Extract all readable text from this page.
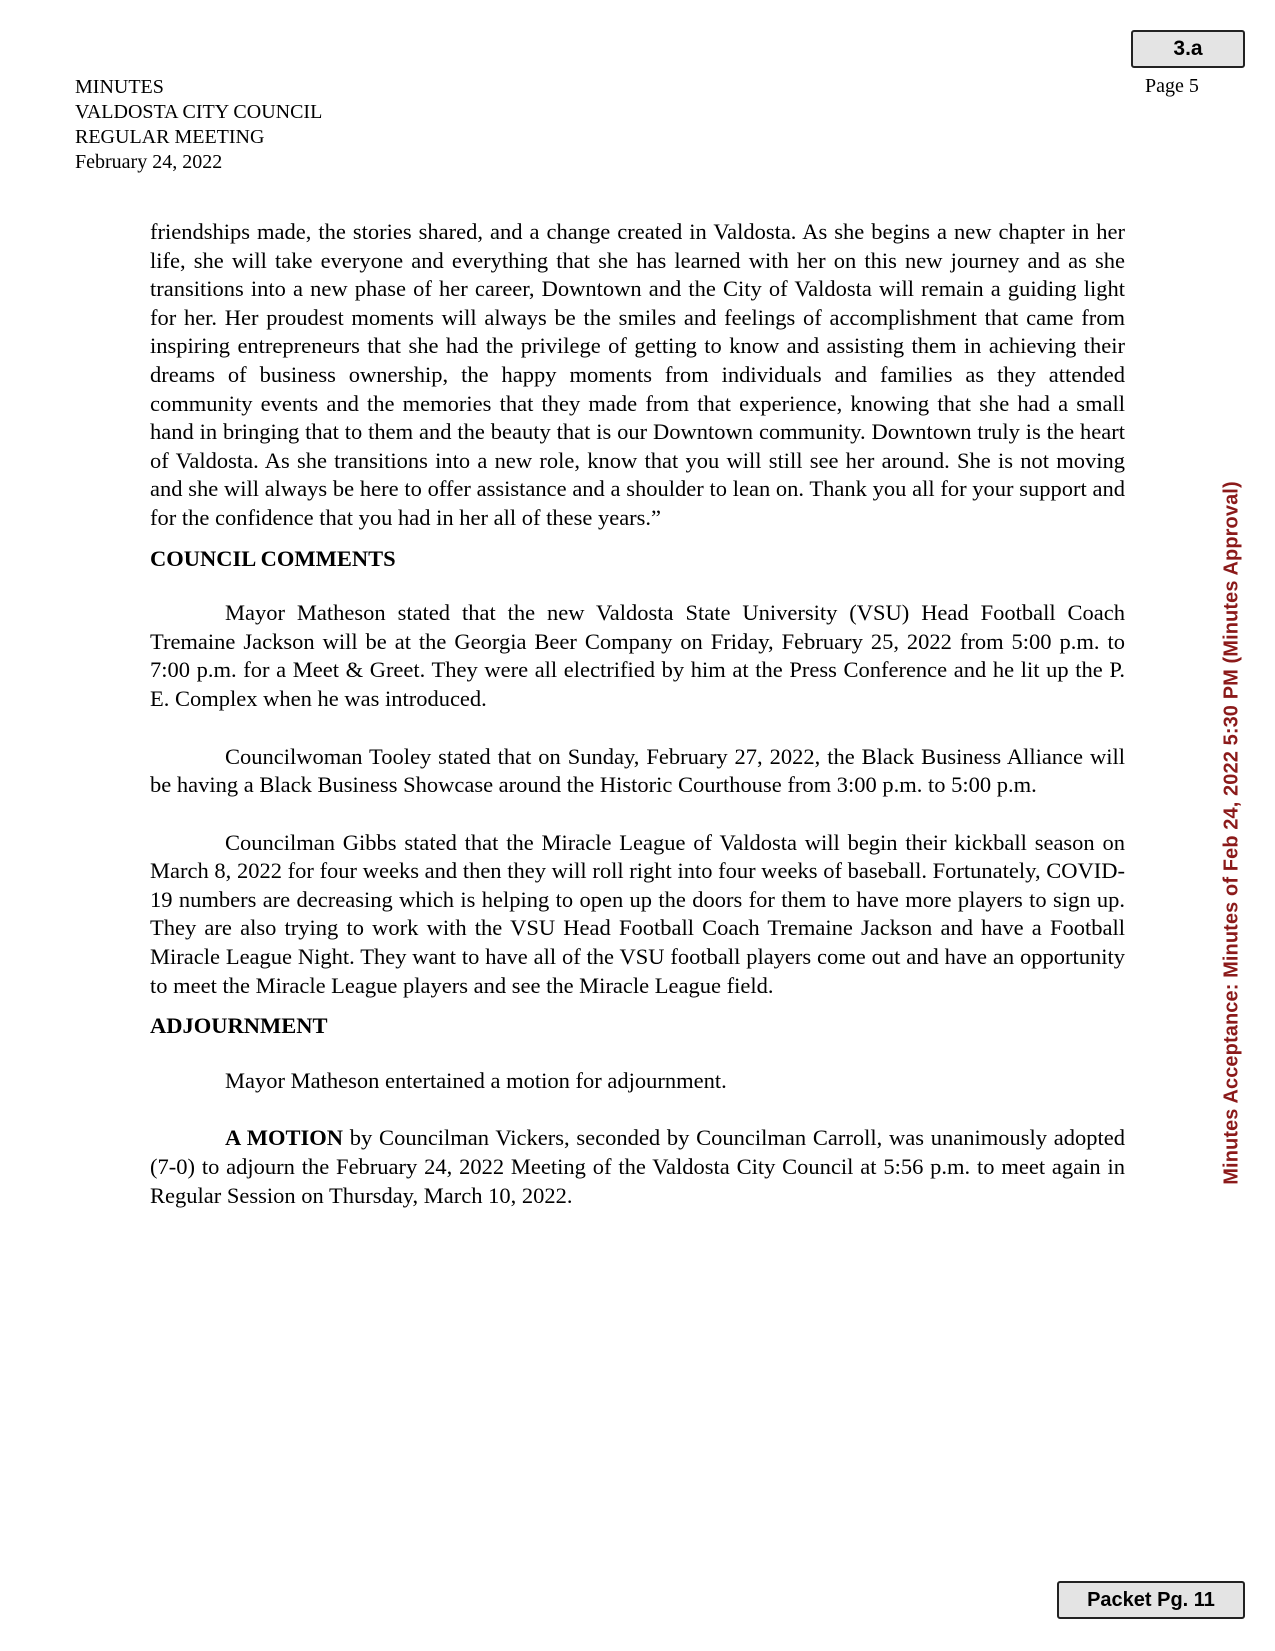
3.a
MINUTES
VALDOSTA CITY COUNCIL
REGULAR MEETING
February 24, 2022
Page 5
Minutes Acceptance: Minutes of Feb 24, 2022 5:30 PM (Minutes Approval)

friendships made, the stories shared, and a change created in Valdosta. As she begins a new chapter in her life, she will take everyone and everything that she has learned with her on this new journey and as she transitions into a new phase of her career, Downtown and the City of Valdosta will remain a guiding light for her. Her proudest moments will always be the smiles and feelings of accomplishment that came from inspiring entrepreneurs that she had the privilege of getting to know and assisting them in achieving their dreams of business ownership, the happy moments from individuals and families as they attended community events and the memories that they made from that experience, knowing that she had a small hand in bringing that to them and the beauty that is our Downtown community. Downtown truly is the heart of Valdosta. As she transitions into a new role, know that you will still see her around. She is not moving and she will always be here to offer assistance and a shoulder to lean on. Thank you all for your support and for the confidence that you had in her all of these years.”

COUNCIL COMMENTS

Mayor Matheson stated that the new Valdosta State University (VSU) Head Football Coach Tremaine Jackson will be at the Georgia Beer Company on Friday, February 25, 2022 from 5:00 p.m. to 7:00 p.m. for a Meet & Greet. They were all electrified by him at the Press Conference and he lit up the P. E. Complex when he was introduced.

Councilwoman Tooley stated that on Sunday, February 27, 2022, the Black Business Alliance will be having a Black Business Showcase around the Historic Courthouse from 3:00 p.m. to 5:00 p.m.

Councilman Gibbs stated that the Miracle League of Valdosta will begin their kickball season on March 8, 2022 for four weeks and then they will roll right into four weeks of baseball. Fortunately, COVID-19 numbers are decreasing which is helping to open up the doors for them to have more players to sign up. They are also trying to work with the VSU Head Football Coach Tremaine Jackson and have a Football Miracle League Night. They want to have all of the VSU football players come out and have an opportunity to meet the Miracle League players and see the Miracle League field.

ADJOURNMENT

Mayor Matheson entertained a motion for adjournment.

A MOTION by Councilman Vickers, seconded by Councilman Carroll, was unanimously adopted (7-0) to adjourn the February 24, 2022 Meeting of the Valdosta City Council at 5:56 p.m. to meet again in Regular Session on Thursday, March 10, 2022.

Packet Pg. 11
